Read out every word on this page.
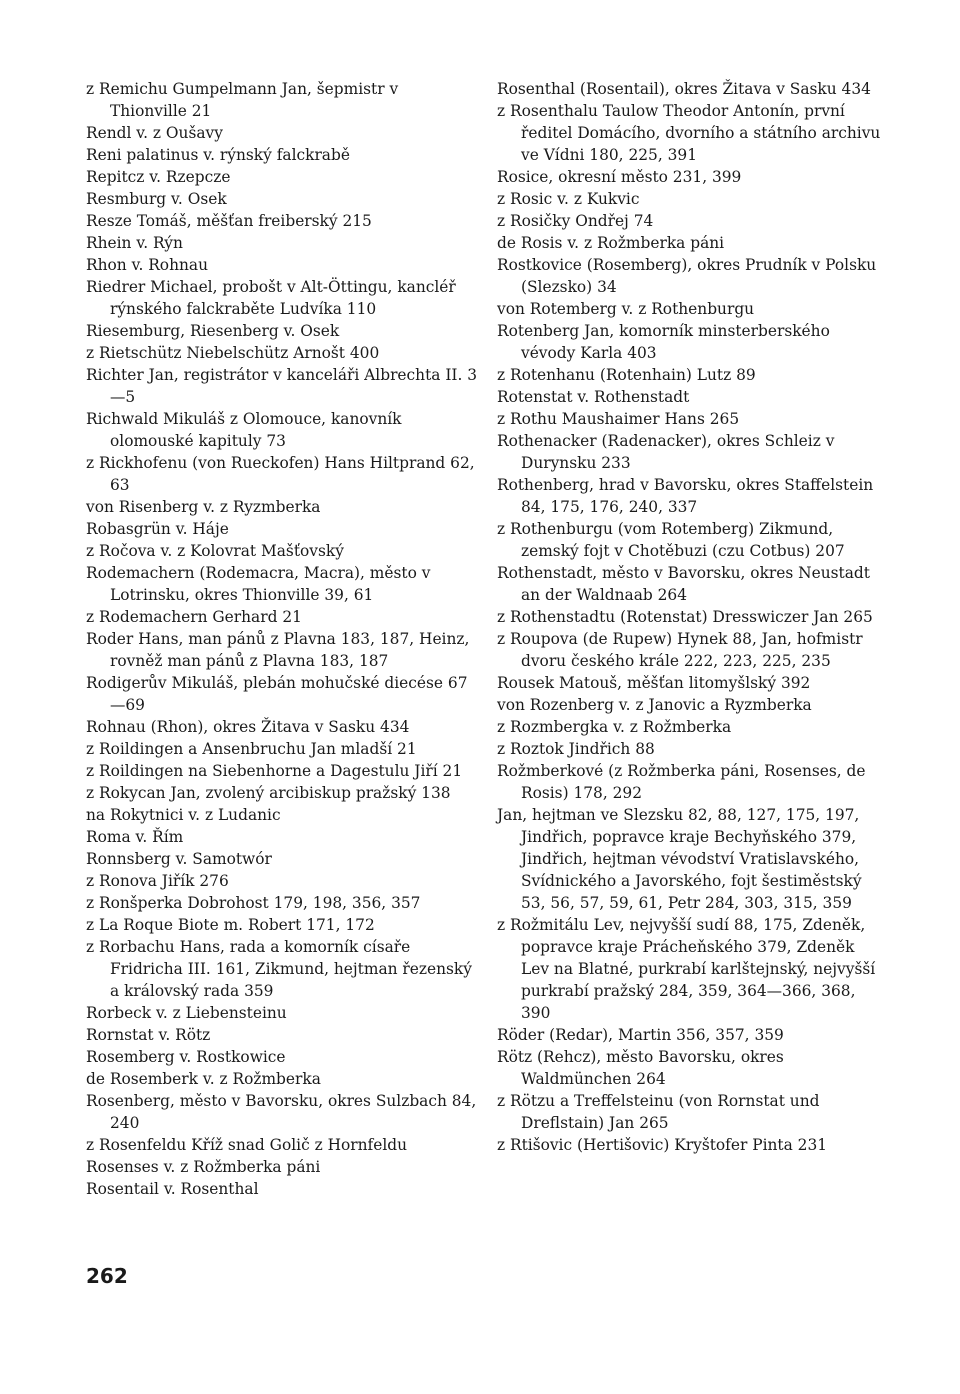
z Remichu Gumpelmann Jan, šepmistr v Thionville 21

Rendl v. z Oušavy

Reni palatinus v. rýnský falckrabě

Repitcz v. Rzepcze

Resmburg v. Osek

Resze Tomáš, měšťan freiberský 215

Rhein v. Rýn

Rhon v. Rohnau

Riedrer Michael, probošt v Alt-Öttingu, kancléř rýnského falckraběte Ludvíka 110

Riesemburg, Riesenberg v. Osek

z Rietschütz Niebelschütz Arnošt 400

Richter Jan, registrátor v kanceláři Albrechta II. 3—5

Richwald Mikuláš z Olomouce, kanovník olomouské kapituly 73

z Rickhofenu (von Rueckofen) Hans Hiltprand 62, 63

von Risenberg v. z Ryzmberka

Robasgrün v. Háje

z Ročova v. z Kolovrat Mašťovský

Rodemachern (Rodemacra, Macra), město v Lotrinsku, okres Thionville 39, 61

z Rodemachern Gerhard 21

Roder Hans, man pánů z Plavna 183, 187, Heinz, rovněž man pánů z Plavna 183, 187

Rodigerův Mikuláš, plebán mohučské diecése 67—69

Rohnau (Rhon), okres Žitava v Sasku 434

z Roildingen a Ansenbruchu Jan mladší 21

z Roildingen na Siebenhorne a Dagestulu Jiří 21

z Rokycan Jan, zvolený arcibiskup pražský 138

na Rokytnici v. z Ludanic

Roma v. Řím

Ronnsberg v. Samotwór

z Ronova Jiřík 276

z Ronšperka Dobrohost 179, 198, 356, 357

z La Roque Biote m. Robert 171, 172

z Rorbachu Hans, rada a komorník císaře Fridricha III. 161, Zikmund, hejtman řezenský a královský rada 359

Rorbeck v. z Liebensteinu

Rornstat v. Rötz

Rosemberg v. Rostkowice

de Rosemberk v. z Rožmberka

Rosenberg, město v Bavorsku, okres Sulzbach 84, 240

z Rosenfeldu Kříž snad Golič z Hornfeldu

Rosenses v. z Rožmberka páni

Rosentail v. Rosenthal

Rosenthal (Rosentail), okres Žitava v Sasku 434

z Rosenthalu Taulow Theodor Antonín, první ředitel Domácího, dvorního a státního archivu ve Vídni 180, 225, 391

Rosice, okresní město 231, 399

z Rosic v. z Kukvic

z Rosičky Ondřej 74

de Rosis v. z Rožmberka páni

Rostkovice (Rosemberg), okres Prudník v Polsku (Slezsko) 34

von Rotemberg v. z Rothenburgu

Rotenberg Jan, komorník minsterberského vévody Karla 403

z Rotenhanu (Rotenhain) Lutz 89

Rotenstat v. Rothenstadt

z Rothu Maushaimer Hans 265

Rothenacker (Radenacker), okres Schleiz v Durynsku 233

Rothenberg, hrad v Bavorsku, okres Staffelstein 84, 175, 176, 240, 337

z Rothenburgu (vom Rotemberg) Zikmund, zemský fojt v Chotěbuzi (czu Cotbus) 207

Rothenstadt, město v Bavorsku, okres Neustadt an der Waldnaab 264

z Rothenstadtu (Rotenstat) Dresswiczer Jan 265

z Roupova (de Rupew) Hynek 88, Jan, hofmistr dvoru českého krále 222, 223, 225, 235

Rousek Matouš, měšťan litomyšlský 392

von Rozenberg v. z Janovic a Ryzmberka

z Rozmbergka v. z Rožmberka

z Roztok Jindřich 88

Rožmberkové (z Rožmberka páni, Rosenses, de Rosis) 178, 292

Jan, hejtman ve Slezsku 82, 88, 127, 175, 197, Jindřich, popravce kraje Bechyňského 379, Jindřich, hejtman vévodství Vratislavského, Svídnického a Javorského, fojt šestiměstský 53, 56, 57, 59, 61, Petr 284, 303, 315, 359

z Rožmitálu Lev, nejvyšší sudí 88, 175, Zdeněk, popravce kraje Prácheňského 379, Zdeněk Lev na Blatné, purkrabí karlštejnský, nejvyšší purkrabí pražský 284, 359, 364—366, 368, 390

Röder (Redar), Martin 356, 357, 359

Rötz (Rehcz), město Bavorsku, okres Waldmünchen 264

z Rötzu a Treffelsteinu (von Rornstat und Dreflstain) Jan 265

z Rtišovic (Hertišovic) Kryštofer Pinta 231

262
